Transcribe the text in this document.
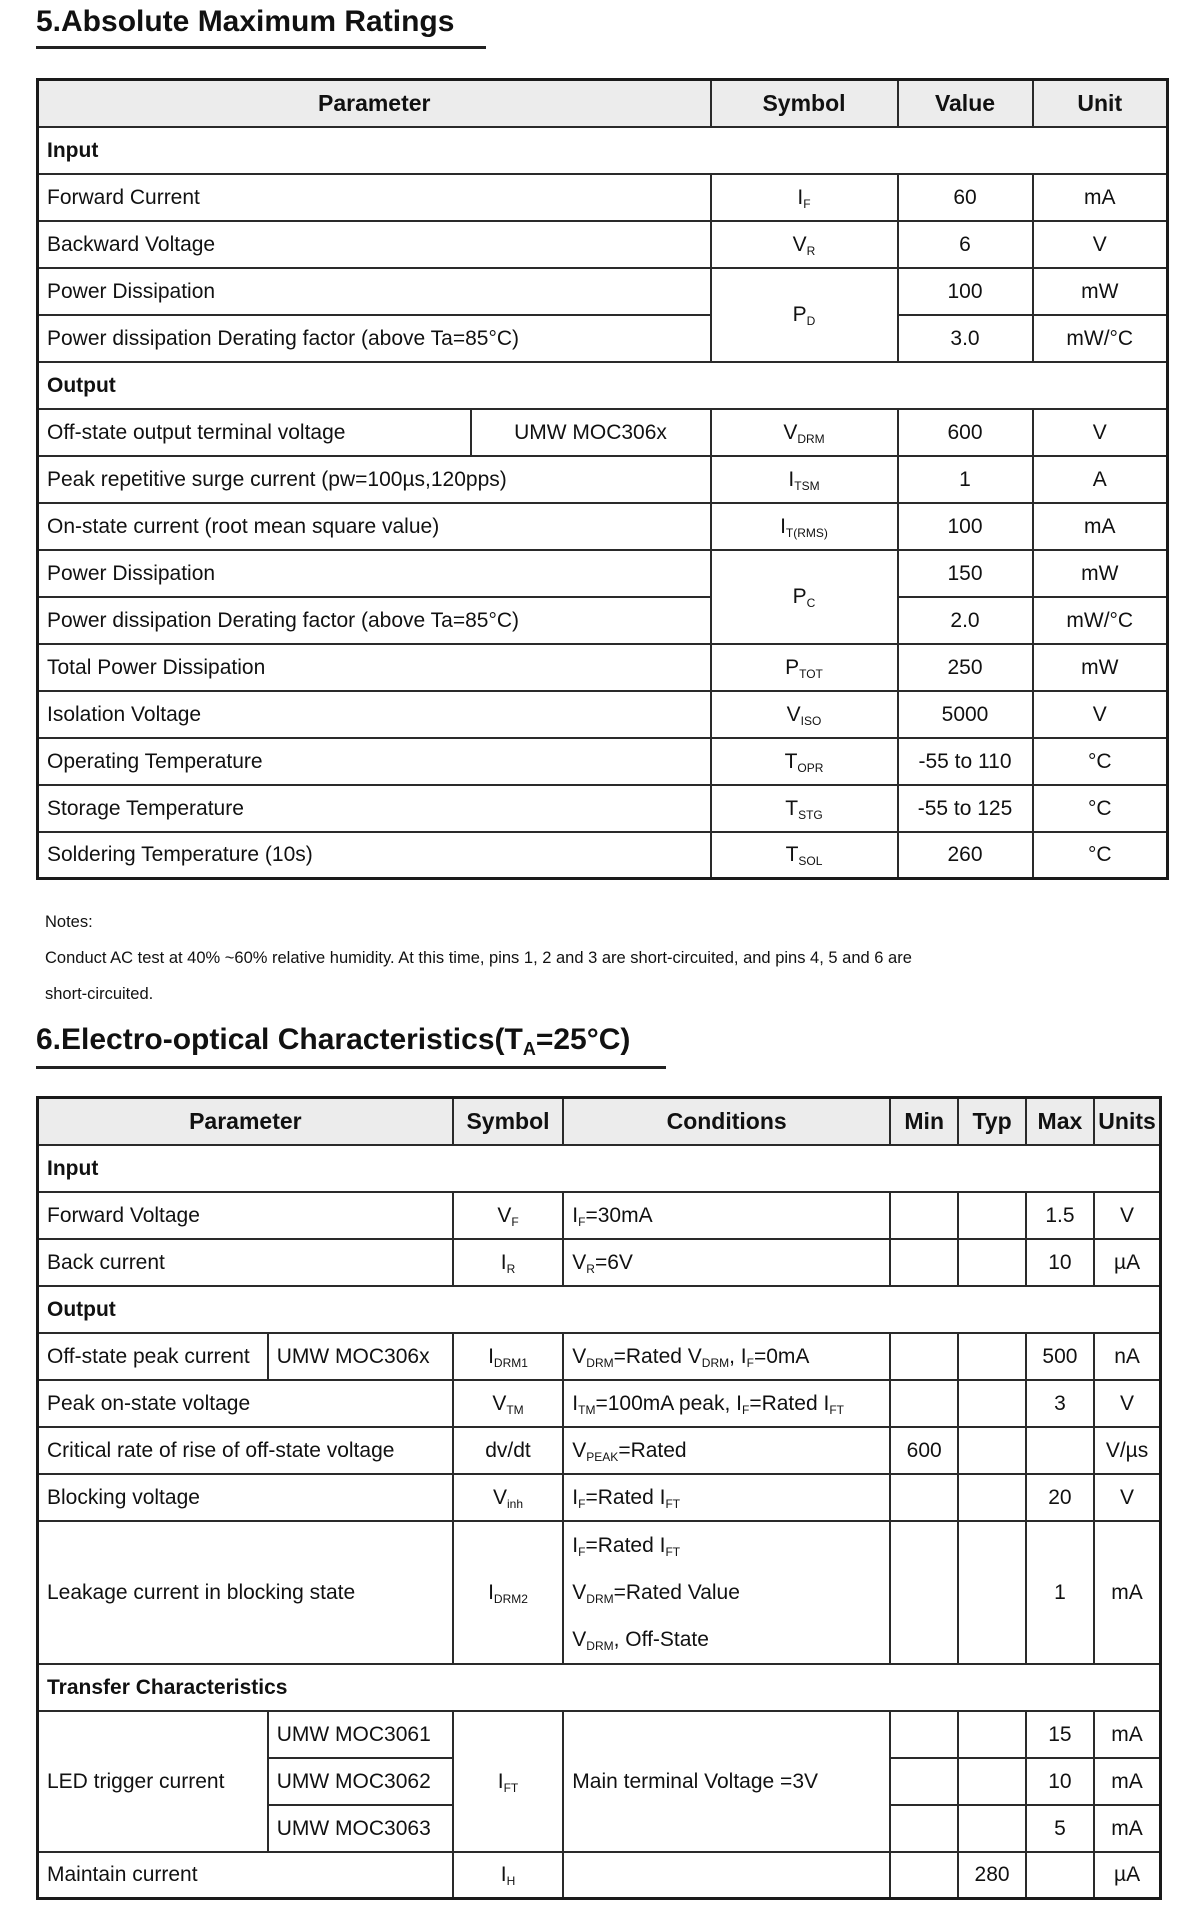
5.Absolute Maximum Ratings
Parameter		Symbol	Value	Unit
Input				
Forward Current		$I_F$	60	mA
Backward Voltage		$V_R$	6	V
Power Dissipation		$P_D$	100	mW
Power dissipation Derating factor (above Ta=85°C)			3.0	mW/°C
Output				
Off-state output terminal voltage	UMW MOC306x	$V_{DRM}$	600	V
Peak repetitive surge current (pw=100µs,120pps)		$I_{TSM}$	1	A
On-state current (root mean square value)		$I_{T(RMS)}$	100	mA
Power Dissipation		$P_C$	150	mW
Power dissipation Derating factor (above Ta=85°C)			2.0	mW/°C
Total Power Dissipation		$P_{TOT}$	250	mW
Isolation Voltage		$V_{ISO}$	5000	V
Operating Temperature		$T_{OPR}$	-55 to 110	°C
Storage Temperature		$T_{STG}$	-55 to 125	°C
Soldering Temperature (10s)		$T_{SOL}$	260	°C
Notes:
Conduct AC test at 40% ~60% relative humidity. At this time, pins 1, 2 and 3 are short-circuited, and pins 4, 5 and 6 are
short-circuited.
6.Electro-optical $Characteristics(T_A=25^\circ C)$
Parameter		Symbol	Conditions	Min	Typ	Max	Units
Input							
Forward Voltage		$V_F$	$I_F=30mA$			1.5	V
Back current		$I_R$	$V_R=6V$			10	µA
Output							
Off-state peak current	UMW MOC306x	$I_{DRM1}$	$V_{DRM}=Rated$ $V_{DRM}$, $I_F=0mA$			500	nA
Peak on-state voltage		$V_{TM}$	$I_{TM}=100mA$ peak, $I_F=Rated$ $I_{FT}$			3	V
Critical rate of rise of off-state voltage		dv/dt	$V_{PEAK}=Rated$	600			V/µs
Blocking voltage		$V_{inh}$	$I_F=Rated$ $I_{FT}$			20	V
Leakage current in blocking state		$I_{DRM2}$	$I_F=Rated$ $I_{FT}$
$V_{DRM}=Rated$ Value
$V_{DRM}$, Off-State			1	mA
Transfer Characteristics							
LED trigger current	UMW MOC3061	$I_{FT}$	Main terminal Voltage =3V			15	mA
	UMW MOC3062					10	mA
	UMW MOC3063					5	mA
Maintain current		$I_H$			280		µA
